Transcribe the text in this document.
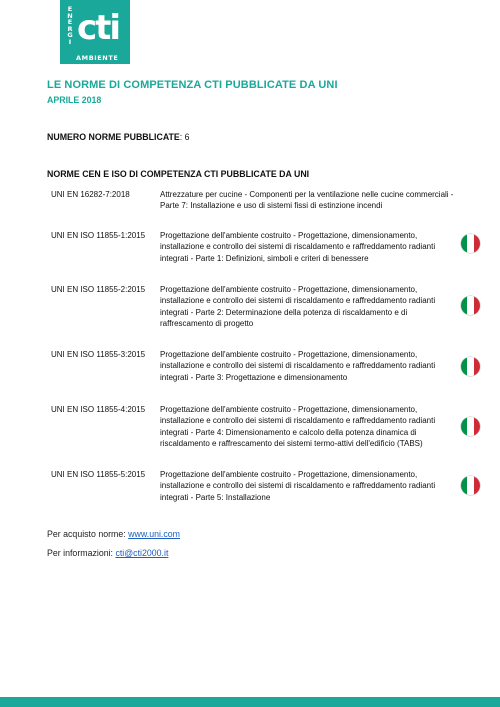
E
N
E
R
G
I cti
AMBIENTE
LE NORME DI COMPETENZA CTI PUBBLICATE DA UNI
APRILE 2018
NUMERO NORME PUBBLICATE: 6
NORME CEN E ISO DI COMPETENZA CTI PUBBLICATE DA UNI
UNI EN 16282-7:2018	Attrezzature per cucine - Componenti per la ventilazione nelle cucine commerciali - Parte 7: Installazione e uso di sistemi fissi di estinzione incendi
UNI EN ISO 11855-1:2015	Progettazione dell'ambiente costruito - Progettazione, dimensionamento, installazione e controllo dei sistemi di riscaldamento e raffreddamento radianti integrati - Parte 1: Definizioni, simboli e criteri di benessere
UNI EN ISO 11855-2:2015	Progettazione dell'ambiente costruito - Progettazione, dimensionamento, installazione e controllo dei sistemi di riscaldamento e raffreddamento radianti integrati - Parte 2: Determinazione della potenza di riscaldamento e di raffrescamento di progetto
UNI EN ISO 11855-3:2015	Progettazione dell'ambiente costruito - Progettazione, dimensionamento, installazione e controllo dei sistemi di riscaldamento e raffreddamento radianti integrati - Parte 3: Progettazione e dimensionamento
UNI EN ISO 11855-4:2015	Progettazione dell'ambiente costruito - Progettazione, dimensionamento, installazione e controllo dei sistemi di riscaldamento e raffreddamento radianti integrati - Parte 4: Dimensionamento e calcolo della potenza dinamica di riscaldamento e raffrescamento dei sistemi termo-attivi dell'edificio (TABS)
UNI EN ISO 11855-5:2015	Progettazione dell'ambiente costruito - Progettazione, dimensionamento, installazione e controllo dei sistemi di riscaldamento e raffreddamento radianti integrati - Parte 5: Installazione
Per acquisto norme: www.uni.com
Per informazioni: cti@cti2000.it
